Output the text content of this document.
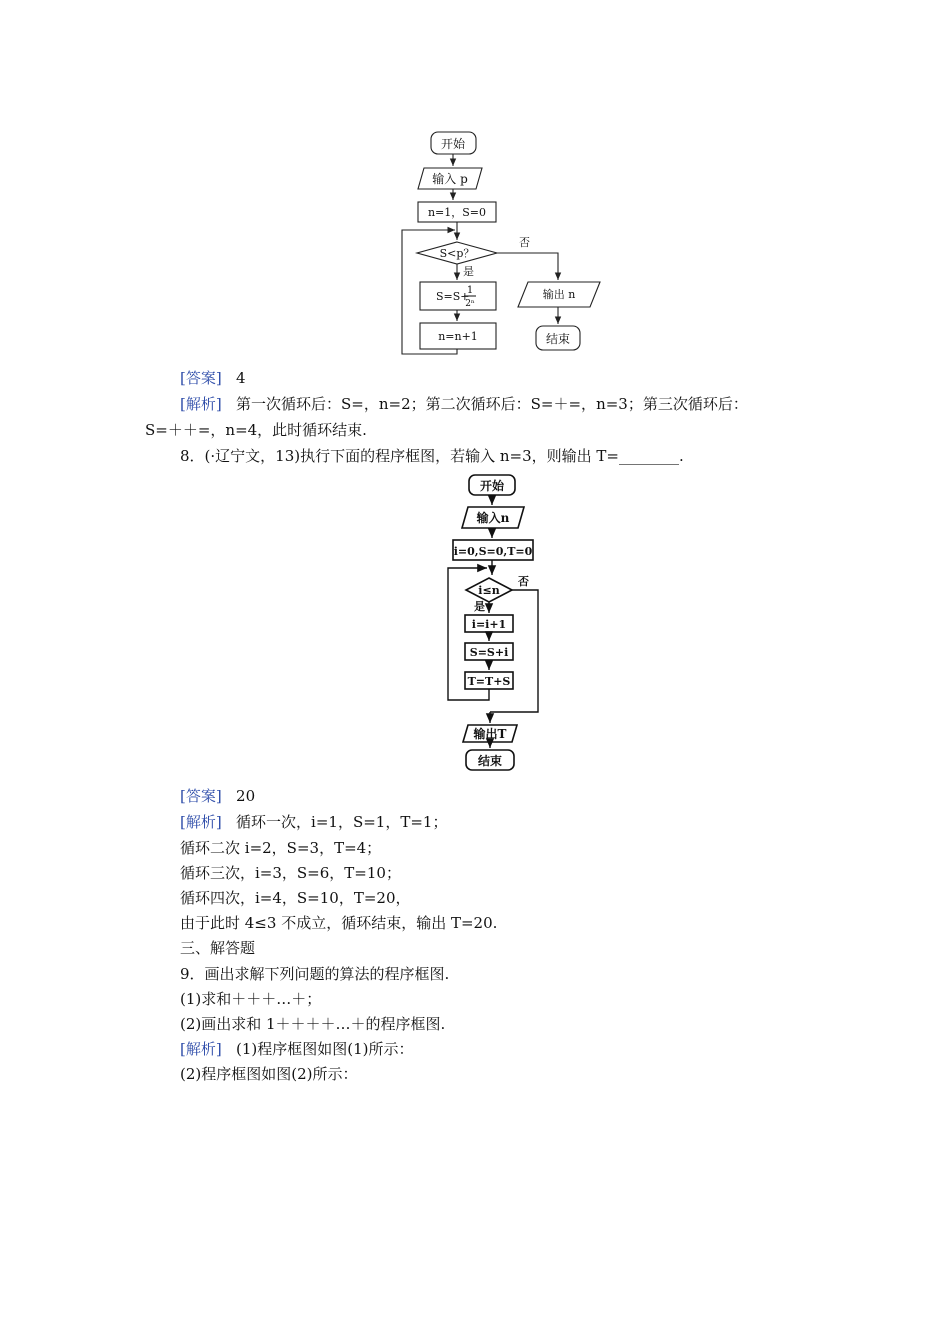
开始
输入 p
n=1，S=0
S<p？
否
是
S=S+
1
2ⁿ
n=n+1
输出 n
结束
开始
输入n
i=0,S=0,T=0
i≤n
否
是
i=i+1
S=S+i
T=T+S
输出T
结束
[答案] 4
[解析] 第一次循环后：S=，n=2；第二次循环后：S=＋=，n=3；第三次循环后：
S=＋＋=，n=4，此时循环结束.
8．(·辽宁文，13)执行下面的程序框图，若输入 n=3，则输出 T=________.
[答案] 20
[解析] 循环一次，i=1，S=1，T=1；
循环二次 i=2，S=3，T=4；
循环三次，i=3，S=6，T=10；
循环四次，i=4，S=10，T=20，
由于此时 4≤3 不成立，循环结束，输出 T=20.
三、解答题
9．画出求解下列问题的算法的程序框图.
(1)求和＋＋＋…＋；
(2)画出求和 1＋＋＋＋…＋的程序框图.
[解析] (1)程序框图如图(1)所示：
(2)程序框图如图(2)所示：
